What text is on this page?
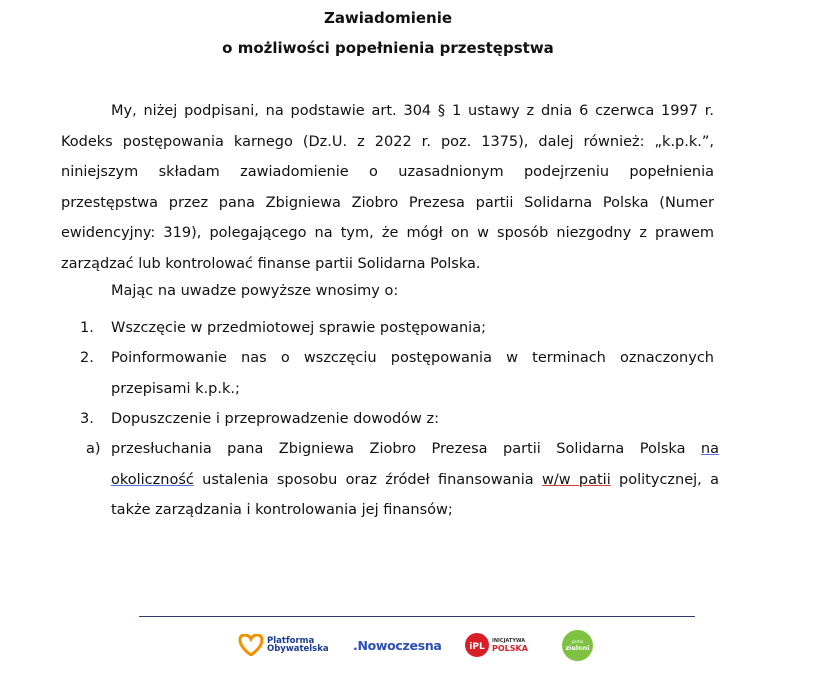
Zawiadomienie
o możliwości popełnienia przestępstwa

My, niżej podpisani, na podstawie art. 304 § 1 ustawy z dnia 6 czerwca 1997 r. Kodeks postępowania karnego (Dz.U. z 2022 r. poz. 1375), dalej również: „k.p.k.”, niniejszym składam zawiadomienie o uzasadnionym podejrzeniu popełnienia przestępstwa przez pana Zbigniewa Ziobro Prezesa partii Solidarna Polska (Numer ewidencyjny: 319), polegającego na tym, że mógł on w sposób niezgodny z prawem zarządzać lub kontrolować finanse partii Solidarna Polska.

Mając na uwadze powyższe wnosimy o:
1. Wszczęcie w przedmiotowej sprawie postępowania;

2. Poinformowanie nas o wszczęciu postępowania w terminach oznaczonych przepisami k.p.k.;

3. Dopuszczenie i przeprowadzenie dowodów z:

a) przesłuchania pana Zbigniewa Ziobro Prezesa partii Solidarna Polska na okoliczność ustalenia sposobu oraz źródeł finansowania w/w patii politycznej, a także zarządzania i kontrolowania jej finansów;

Platforma
Obywatelska .Nowoczesna	iPL
INICJATYWA
POLSKA
partia
zieloni
